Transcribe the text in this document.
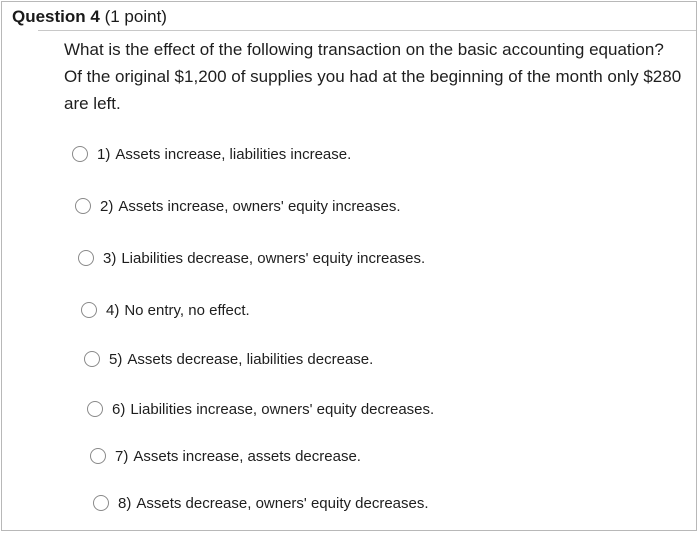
Question 4 (1 point)
What is the effect of the following transaction on the basic accounting equation? Of the original $1,200 of supplies you had at the beginning of the month only $280 are left.
1) Assets increase, liabilities increase.
2) Assets increase, owners' equity increases.
3) Liabilities decrease, owners' equity increases.
4) No entry, no effect.
5) Assets decrease, liabilities decrease.
6) Liabilities increase, owners' equity decreases.
7) Assets increase, assets decrease.
8) Assets decrease, owners' equity decreases.
